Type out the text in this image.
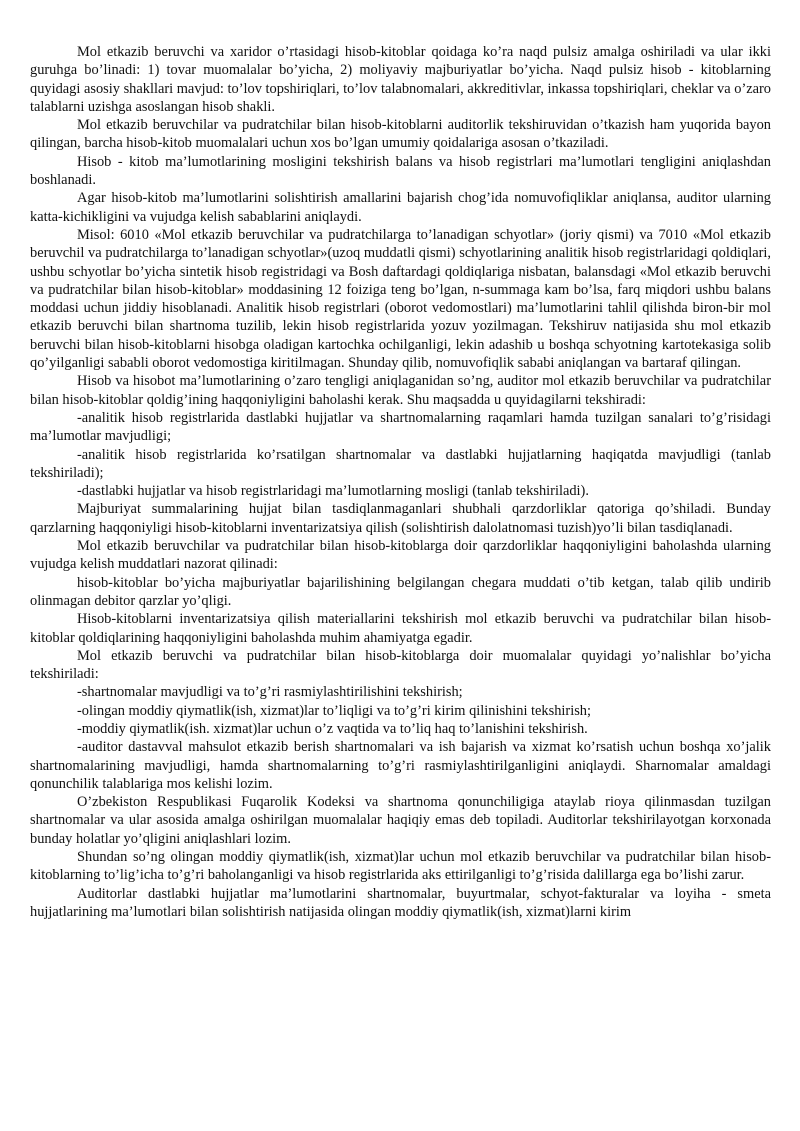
Mol etkazib beruvchi va xaridor o’rtasidagi hisob-kitoblar qoidaga ko’ra naqd pulsiz amalga oshiriladi va ular ikki guruhga bo’linadi: 1) tovar muomalalar bo’yicha, 2) moliyaviy majburiyatlar bo’yicha. Naqd pulsiz hisob - kitoblarning quyidagi asosiy shakllari mavjud: to’lov topshiriqlari, to’lov talabnomalari, akkreditivlar, inkassa topshiriqlari, cheklar va o’zaro talablarni uzishga asoslangan hisob shakli.

Mol etkazib beruvchilar va pudratchilar bilan hisob-kitoblarni auditorlik tekshiruvidan o’tkazish ham yuqorida bayon qilingan, barcha hisob-kitob muomalalari uchun xos bo’lgan umumiy qoidalariga asosan o’tkaziladi.

Hisob - kitob ma’lumotlarining mosligini tekshirish balans va hisob registrlari ma’lumotlari tengligini aniqlashdan boshlanadi.

Agar hisob-kitob ma’lumotlarini solishtirish amallarini bajarish chog’ida nomuvofiqliklar aniqlansa, auditor ularning katta-kichikligini va vujudga kelish sabablarini aniqlaydi.

Misol: 6010 «Mol etkazib beruvchilar va pudratchilarga to’lanadigan schyotlar» (joriy qismi) va 7010 «Mol etkazib beruvchil va pudratchilarga to’lanadigan schyotlar»(uzoq muddatli qismi) schyotlarining analitik hisob registrlaridagi qoldiqlari, ushbu schyotlar bo’yicha sintetik hisob registridagi va Bosh daftardagi qoldiqlariga nisbatan, balansdagi «Mol etkazib beruvchi va pudratchilar bilan hisob-kitoblar» moddasining 12 foiziga teng bo’lgan, n-summaga kam bo’lsa, farq miqdori ushbu balans moddasi uchun jiddiy hisoblanadi. Analitik hisob registrlari (oborot vedomostlari) ma’lumotlarini tahlil qilishda biron-bir mol etkazib beruvchi bilan shartnoma tuzilib, lekin hisob registrlarida yozuv yozilmagan. Tekshiruv natijasida shu mol etkazib beruvchi bilan hisob-kitoblarni hisobga oladigan kartochka ochilganligi, lekin adashib u boshqa schyotning kartotekasiga solib qo’yilganligi sababli oborot vedomostiga kiritilmagan. Shunday qilib, nomuvofiqlik sababi aniqlangan va bartaraf qilingan.

Hisob va hisobot ma’lumotlarining o’zaro tengligi aniqlaganidan so’ng, auditor mol etkazib beruvchilar va pudratchilar bilan hisob-kitoblar qoldig’ining haqqoniyligini baholashi kerak. Shu maqsadda u quyidagilarni tekshiradi:

-analitik hisob registrlarida dastlabki hujjatlar va shartnomalarning raqamlari hamda tuzilgan sanalari to’g’risidagi ma’lumotlar mavjudligi;

-analitik hisob registrlarida ko’rsatilgan shartnomalar va dastlabki hujjatlarning haqiqatda mavjudligi (tanlab tekshiriladi);

-dastlabki hujjatlar va hisob registrlaridagi ma’lumotlarning mosligi (tanlab tekshiriladi).

Majburiyat summalarining hujjat bilan tasdiqlanmaganlari shubhali qarzdorliklar qatoriga qo’shiladi. Bunday qarzlarning haqqoniyligi hisob-kitoblarni inventarizatsiya qilish (solishtirish dalolatnomasi tuzish)yo’li bilan tasdiqlanadi.

Mol etkazib beruvchilar va pudratchilar bilan hisob-kitoblarga doir qarzdorliklar haqqoniyligini baholashda ularning vujudga kelish muddatlari nazorat qilinadi:

hisob-kitoblar bo’yicha majburiyatlar bajarilishining belgilangan chegara muddati o’tib ketgan, talab qilib undirib olinmagan debitor qarzlar yo’qligi.

Hisob-kitoblarni inventarizatsiya qilish materiallarini tekshirish mol etkazib beruvchi va pudratchilar bilan hisob-kitoblar qoldiqlarining haqqoniyligini baholashda muhim ahamiyatga egadir.

Mol etkazib beruvchi va pudratchilar bilan hisob-kitoblarga doir muomalalar quyidagi yo’nalishlar bo’yicha tekshiriladi:

-shartnomalar mavjudligi va to’g’ri rasmiylashtirilishini tekshirish;

-olingan moddiy qiymatlik(ish, xizmat)lar to’liqligi va to’g’ri kirim qilinishini tekshirish;

-moddiy qiymatlik(ish. xizmat)lar uchun o’z vaqtida va to’liq haq to’lanishini tekshirish.

-auditor dastavval mahsulot etkazib berish shartnomalari va ish bajarish va xizmat ko’rsatish uchun boshqa xo’jalik shartnomalarining mavjudligi, hamda shartnomalarning to’g’ri rasmiylashtirilganligini aniqlaydi. Sharnomalar amaldagi qonunchilik talablariga mos kelishi lozim.

O’zbekiston Respublikasi Fuqarolik Kodeksi va shartnoma qonunchiligiga ataylab rioya qilinmasdan tuzilgan shartnomalar va ular asosida amalga oshirilgan muomalalar haqiqiy emas deb topiladi. Auditorlar tekshirilayotgan korxonada bunday holatlar yo’qligini aniqlashlari lozim.

Shundan so’ng olingan moddiy qiymatlik(ish, xizmat)lar uchun mol etkazib beruvchilar va pudratchilar bilan hisob-kitoblarning to’lig’icha to’g’ri baholanganligi va hisob registrlarida aks ettirilganligi to’g’risida dalillarga ega bo’lishi zarur.

Auditorlar dastlabki hujjatlar ma’lumotlarini shartnomalar, buyurtmalar, schyot-fakturalar va loyiha - smeta hujjatlarining ma’lumotlari bilan solishtirish natijasida olingan moddiy qiymatlik(ish, xizmat)larni kirim
